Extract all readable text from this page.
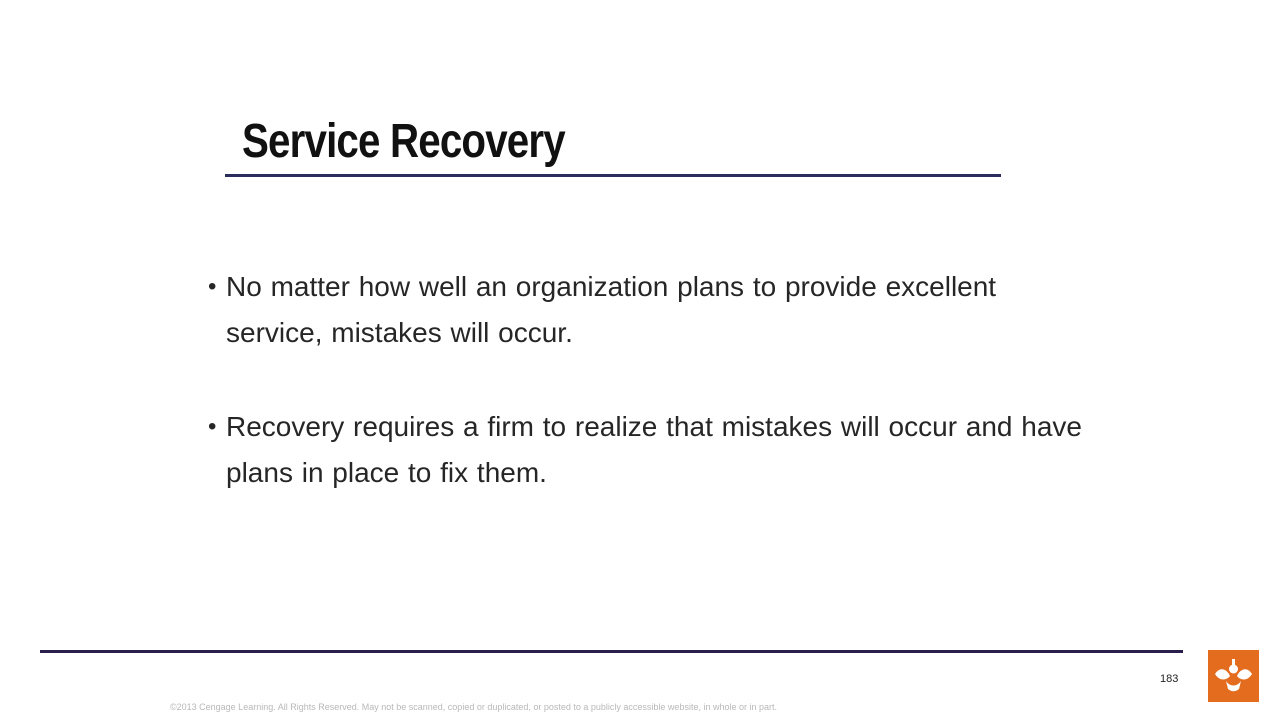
Service Recovery
• No matter how well an organization plans to provide excellent service, mistakes will occur.
• Recovery requires a firm to realize that mistakes will occur and have plans in place to fix them.
183
©2013 Cengage Learning. All Rights Reserved. May not be scanned, copied or duplicated, or posted to a publicly accessible website, in whole or in part.
